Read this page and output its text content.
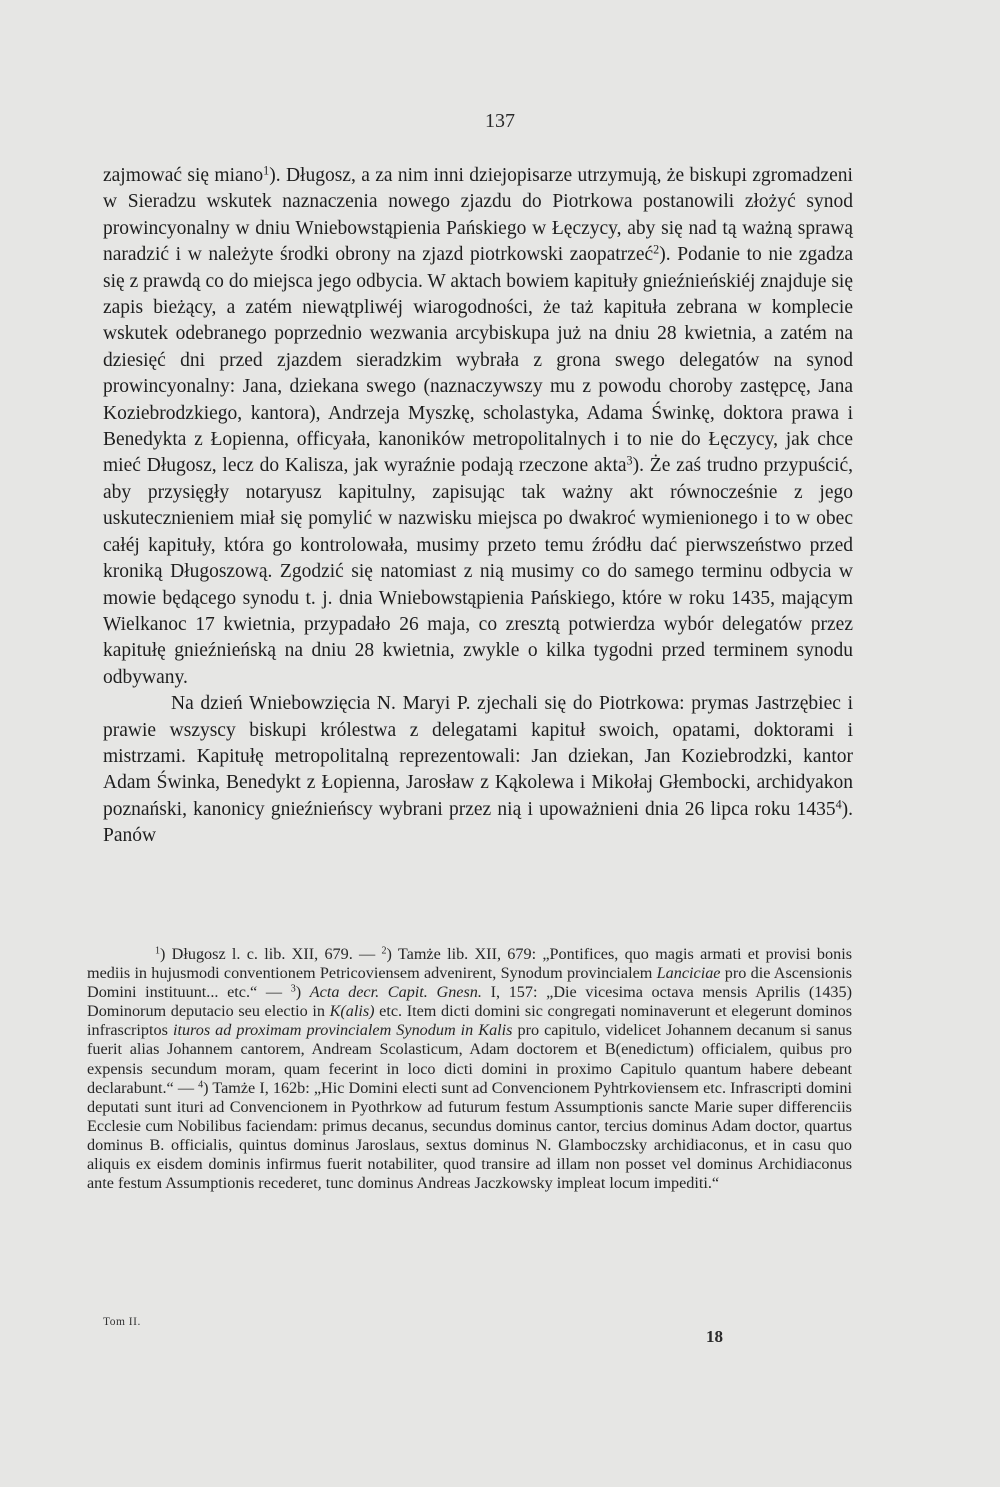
137

zajmować się miano$^1$). Długosz, a za nim inni dziejopisarze utrzymują, że biskupi zgromadzeni w Sieradzu wskutek naznaczenia nowego zjazdu do Piotrkowa postanowili złożyć synod prowincyonalny w dniu Wniebowstąpienia Pańskiego w Łęczycy, aby się nad tą ważną sprawą naradzić i w należyte środki obrony na zjazd piotrkowski zaopatrzeć$^2$). Podanie to nie zgadza się z prawdą co do miejsca jego odbycia. W aktach bowiem kapituły gnieźnieńskiéj znajduje się zapis bieżący, a zatém niewątpliwéj wiarogodności, że taż kapituła zebrana w komplecie wskutek odebranego poprzednio wezwania arcybiskupa już na dniu 28 kwietnia, a zatém na dziesięć dni przed zjazdem sieradzkim wybrała z grona swego delegatów na synod prowincyonalny: Jana, dziekana swego (naznaczywszy mu z powodu choroby zastępcę, Jana Koziebrodzkiego, kantora), Andrzeja Myszkę, scholastyka, Adama Świnkę, doktora prawa i Benedykta z Łopienna, officyała, kanoników metropolitalnych i to nie do Łęczycy, jak chce mieć Długosz, lecz do Kalisza, jak wyraźnie podają rzeczone akta$^3$). Że zaś trudno przypuścić, aby przysięgły notaryusz kapitulny, zapisując tak ważny akt równocześnie z jego uskutecznieniem miał się pomylić w nazwisku miejsca po dwakroć wymienionego i to w obec całéj kapituły, która go kontrolowała, musimy przeto temu źródłu dać pierwszeństwo przed kroniką Długoszową. Zgodzić się natomiast z nią musimy co do samego terminu odbycia w mowie będącego synodu t. j. dnia Wniebowstąpienia Pańskiego, które w roku 1435, mającym Wielkanoc 17 kwietnia, przypadało 26 maja, co zresztą potwierdza wybór delegatów przez kapitułę gnieźnieńską na dniu 28 kwietnia, zwykle o kilka tygodni przed terminem synodu odbywany.

Na dzień Wniebowzięcia N. Maryi P. zjechali się do Piotrkowa: prymas Jastrzębiec i prawie wszyscy biskupi królestwa z delegatami kapituł swoich, opatami, doktorami i mistrzami. Kapitułę metropolitalną reprezentowali: Jan dziekan, Jan Koziebrodzki, kantor Adam Świnka, Benedykt z Łopienna, Jarosław z Kąkolewa i Mikołaj Głembocki, archidyakon poznański, kanonicy gnieźnieńscy wybrani przez nią i upoważnieni dnia 26 lipca roku 1435$^4$). Panów

$^1$) Długosz l. c. lib. XII, 679. — $^2$) Tamże lib. XII, 679: „Pontifices, quo magis armati et provisi bonis mediis in hujusmodi conventionem Petricoviensem advenirent, Synodum provincialem Lanciciae pro die Ascensionis Domini instituunt... etc.“ — $^3$) Acta decr. Capit. Gnesn. I, 157: „Die vicesima octava mensis Aprilis (1435) Dominorum deputacio seu electio in K(alis) etc. Item dicti domini sic congregati nominaverunt et elegerunt dominos infrascriptos ituros ad proximam provincialem Synodum in Kalis pro capitulo, videlicet Johannem decanum si sanus fuerit alias Johannem cantorem, Andream Scolasticum, Adam doctorem et B(enedictum) officialem, quibus pro expensis secundum moram, quam fecerint in loco dicti domini in proximo Capitulo quantum habere debeant declarabunt.“ — $^4$) Tamże I, 162b: „Hic Domini electi sunt ad Convencionem Pyhtrkoviensem etc. Infrascripti domini deputati sunt ituri ad Convencionem in Pyothrkow ad futurum festum Assumptionis sancte Marie super differenciis Ecclesie cum Nobilibus faciendam: primus decanus, secundus dominus cantor, tercius dominus Adam doctor, quartus dominus B. officialis, quintus dominus Jaroslaus, sextus dominus N. Glamboczsky archidiaconus, et in casu quo aliquis ex eisdem dominis infirmus fuerit notabiliter, quod transire ad illam non posset vel dominus Archidiaconus ante festum Assumptionis recederet, tunc dominus Andreas Jaczkowsky impleat locum impediti.“

Tom II.
18
